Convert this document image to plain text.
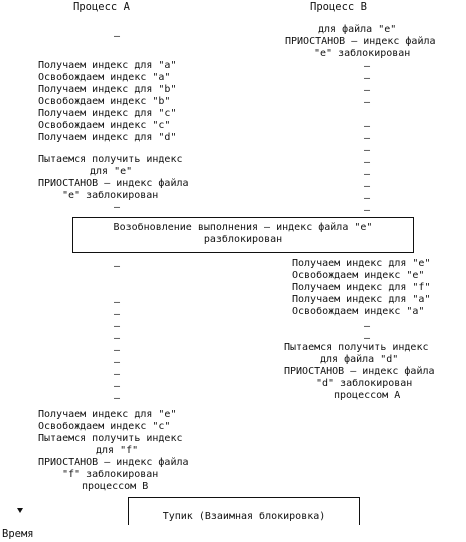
Процесс A	Процесс B
–
для файла "e"
ПРИОСТАНОВ – индекс файла
"e" заблокирован
Получаем индекс для "a"
Освобождаем индекс "a"
Получаем индекс для "b"
Освобождаем индекс "b"
Получаем индекс для "c"
Освобождаем индекс "c"
Получаем индекс для "d"
–
–
–
–
–
–
–
Пытаемся получить индекс
для "e"
ПРИОСТАНОВ – индекс файла
"e" заблокирован
–
–
–
–
–
–
Возобновление выполнения – индекс файла "e"
разблокирован
–
–
–
–
–
–
–
–
–
–
Получаем индекс для "e"
Освобождаем индекс "e"
Получаем индекс для "f"
Получаем индекс для "a"
Освобождаем индекс "a"
–
–
Пытаемся получить индекс
для файла "d"
ПРИОСТАНОВ – индекс файла
"d" заблокирован
процессом A
Получаем индекс для "e"
Освобождаем индекс "c"
Пытаемся получить индекс
для "f"
ПРИОСТАНОВ – индекс файла
"f" заблокирован
процессом B
Тупик (Взаимная блокировка)
Время
